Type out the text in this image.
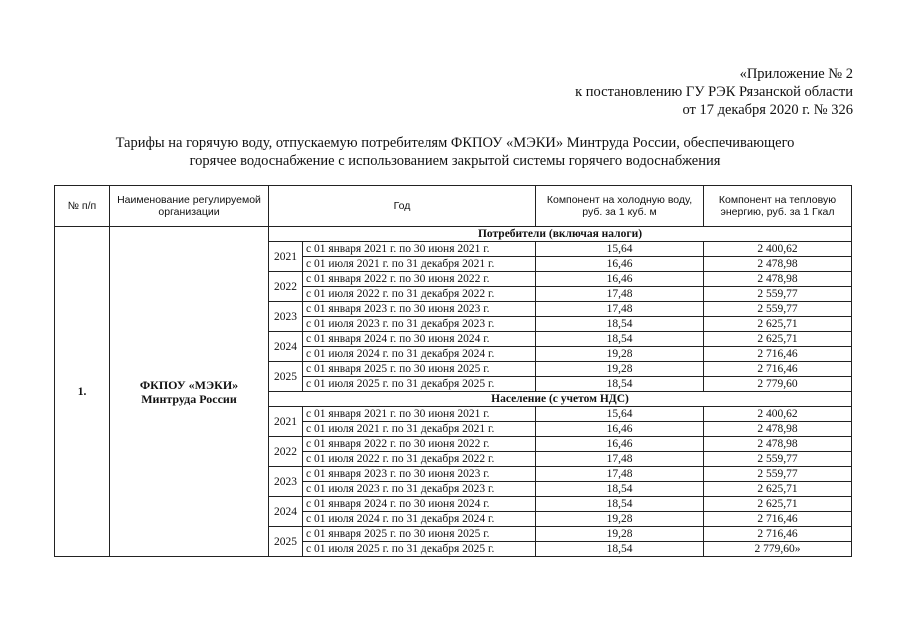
«Приложение № 2
к постановлению ГУ РЭК Рязанской области
от 17 декабря 2020 г. № 326
Тарифы на горячую воду, отпускаемую потребителям ФКПОУ «МЭКИ» Минтруда России, обеспечивающего
горячее водоснабжение с использованием закрытой системы горячего водоснабжения
№ п/п	Наименование регулируемой организации	Год		Компонент на холодную воду, руб. за 1 куб. м	Компонент на тепловую энергию, руб. за 1 Гкал
1.	ФКПОУ «МЭКИ»
Минтруда России	Потребители (включая налоги)			
		2021	с 01 января 2021 г. по 30 июня 2021 г.	15,64	2 400,62
			с 01 июля 2021 г. по 31 декабря 2021 г.	16,46	2 478,98
		2022	с 01 января 2022 г. по 30 июня 2022 г.	16,46	2 478,98
			с 01 июля 2022 г. по 31 декабря 2022 г.	17,48	2 559,77
		2023	с 01 января 2023 г. по 30 июня 2023 г.	17,48	2 559,77
			с 01 июля 2023 г. по 31 декабря 2023 г.	18,54	2 625,71
		2024	с 01 января 2024 г. по 30 июня 2024 г.	18,54	2 625,71
			с 01 июля 2024 г. по 31 декабря 2024 г.	19,28	2 716,46
		2025	с 01 января 2025 г. по 30 июня 2025 г.	19,28	2 716,46
			с 01 июля 2025 г. по 31 декабря 2025 г.	18,54	2 779,60
		Население (с учетом НДС)			
		2021	с 01 января 2021 г. по 30 июня 2021 г.	15,64	2 400,62
			с 01 июля 2021 г. по 31 декабря 2021 г.	16,46	2 478,98
		2022	с 01 января 2022 г. по 30 июня 2022 г.	16,46	2 478,98
			с 01 июля 2022 г. по 31 декабря 2022 г.	17,48	2 559,77
		2023	с 01 января 2023 г. по 30 июня 2023 г.	17,48	2 559,77
			с 01 июля 2023 г. по 31 декабря 2023 г.	18,54	2 625,71
		2024	с 01 января 2024 г. по 30 июня 2024 г.	18,54	2 625,71
			с 01 июля 2024 г. по 31 декабря 2024 г.	19,28	2 716,46
		2025	с 01 января 2025 г. по 30 июня 2025 г.	19,28	2 716,46
			с 01 июля 2025 г. по 31 декабря 2025 г.	18,54	2 779,60»
